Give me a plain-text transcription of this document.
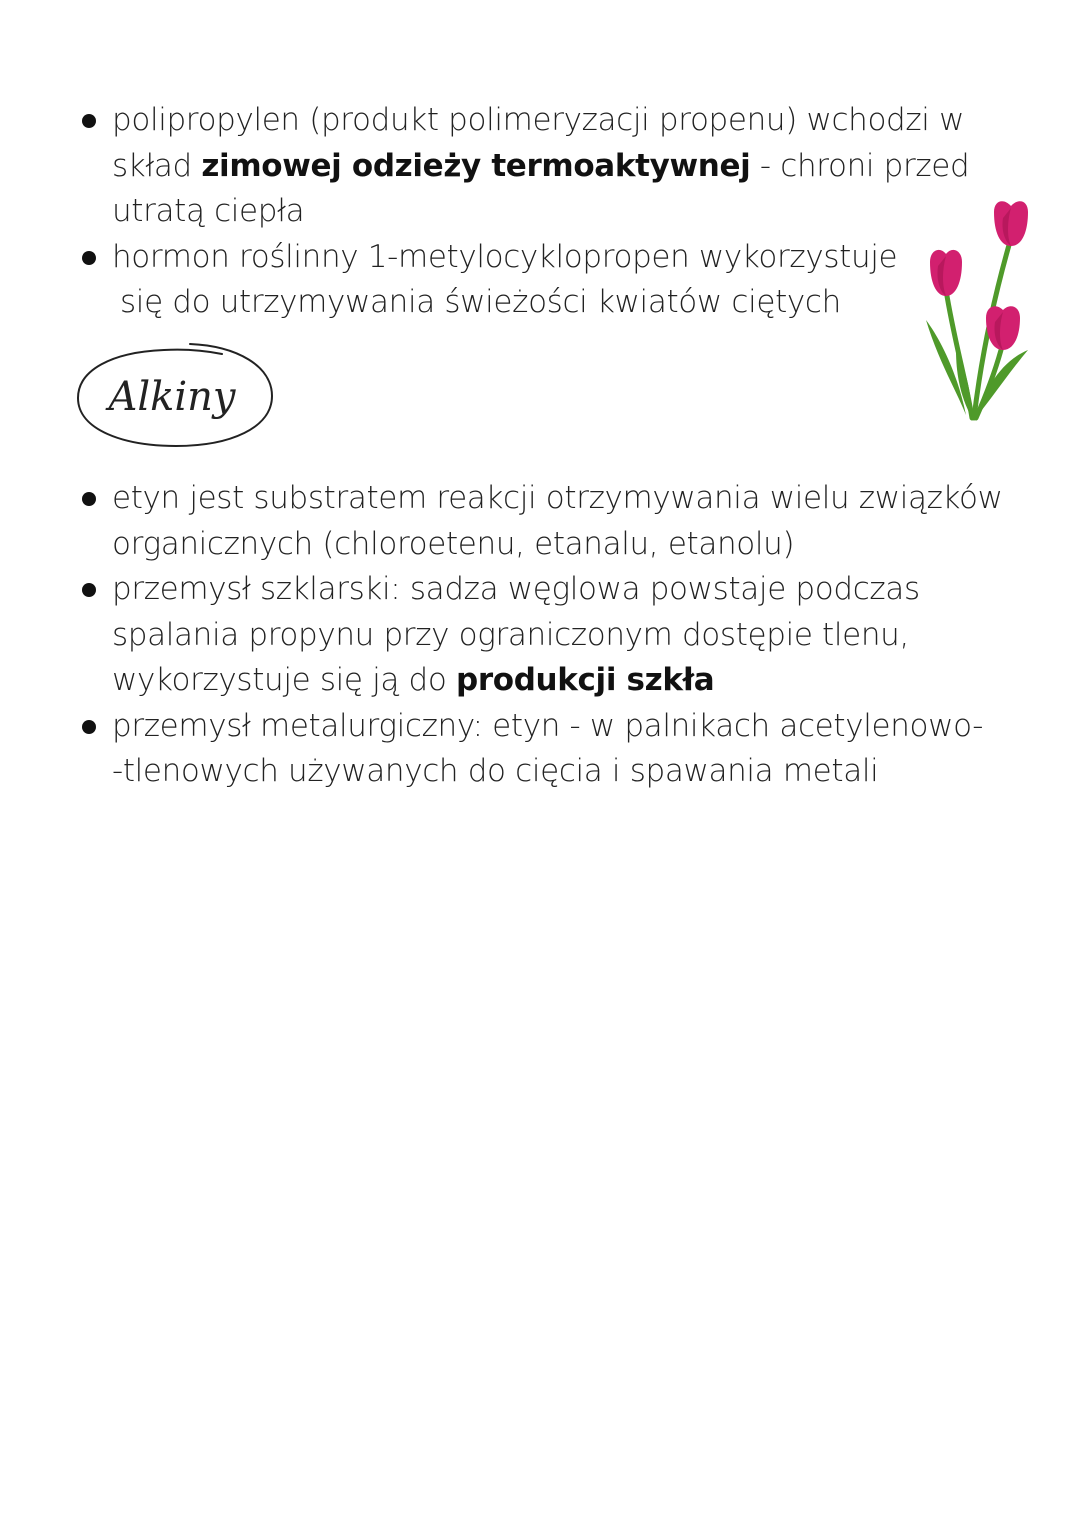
polipropylen (produkt polimeryzacji propenu) wchodzi w
skład zimowej odzieży termoaktywnej - chroni przed
utratą ciepła
hormon roślinny 1-metylocyklopropen wykorzystuje
się do utrzymywania świeżości kwiatów ciętych
Alkiny
etyn jest substratem reakcji otrzymywania wielu związków
organicznych (chloroetenu, etanalu, etanolu)
przemysł szklarski: sadza węglowa powstaje podczas
spalania propynu przy ograniczonym dostępie tlenu,
wykorzystuje się ją do produkcji szkła
przemysł metalurgiczny: etyn - w palnikach acetylenowo-
-tlenowych używanych do cięcia i spawania metali
